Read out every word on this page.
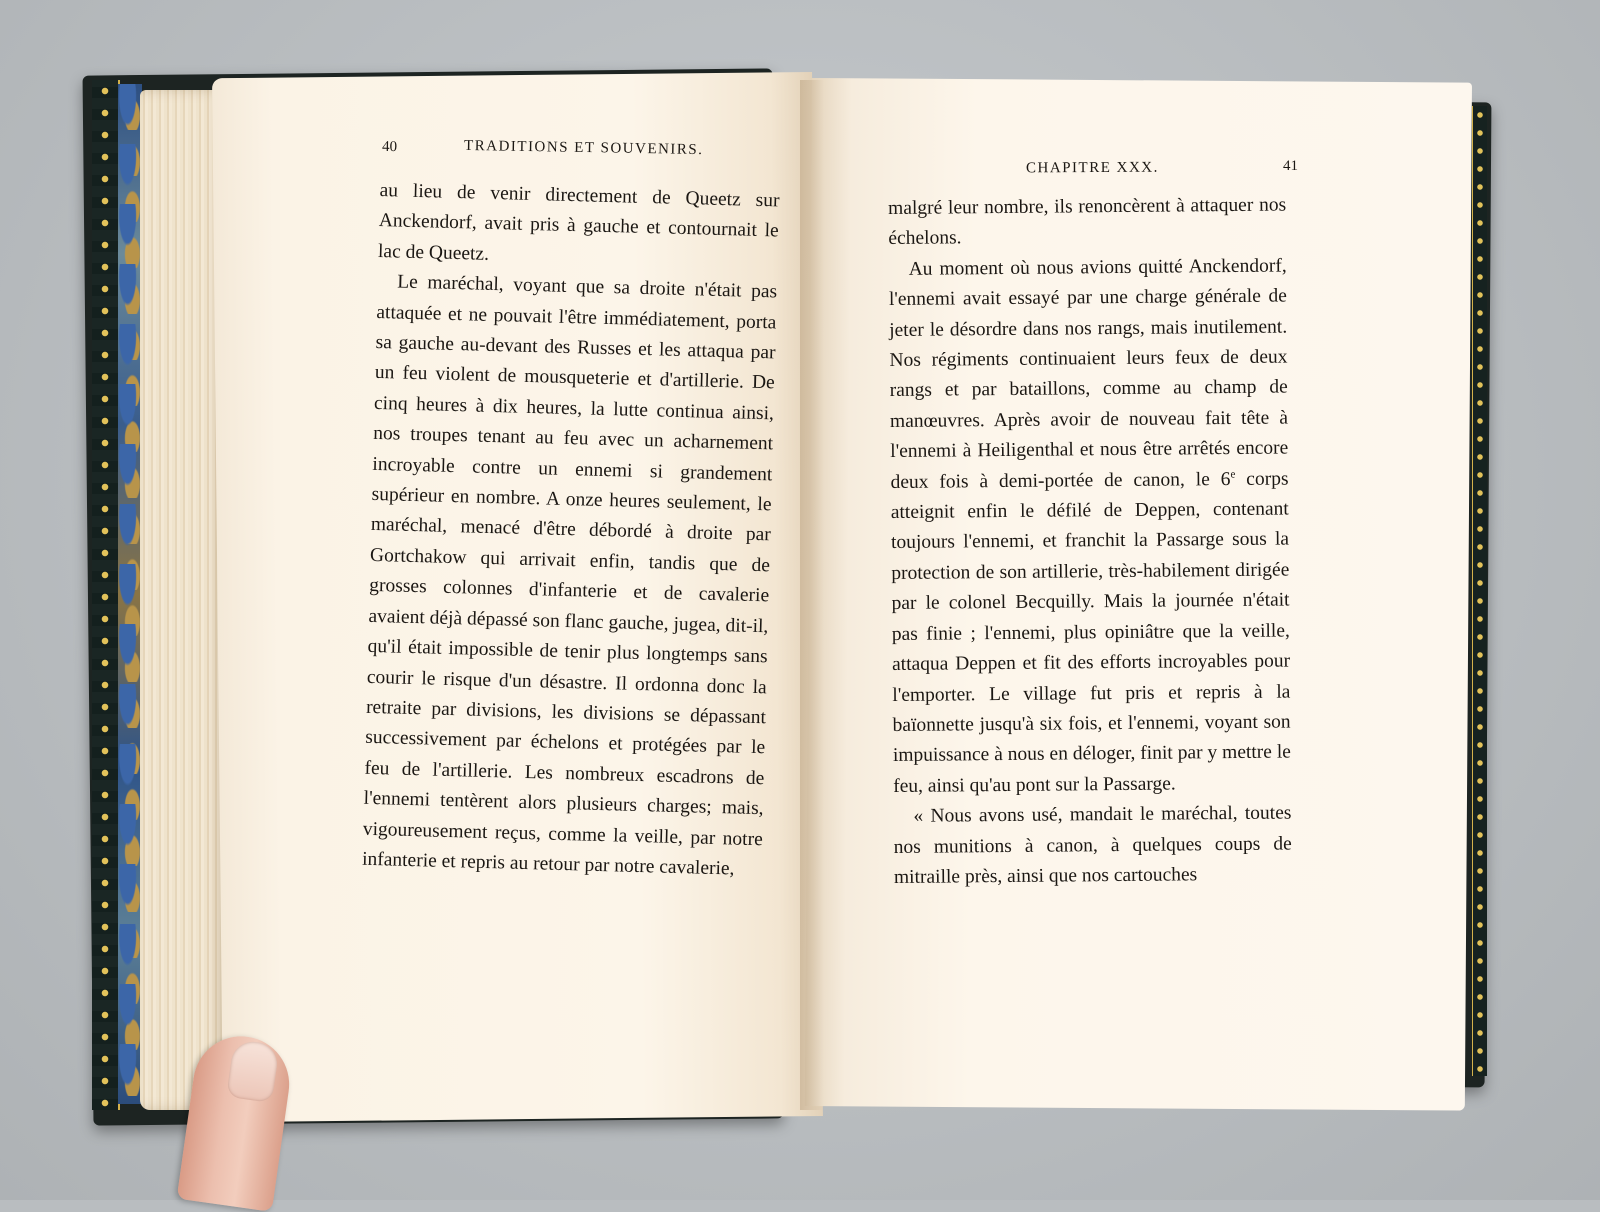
40	TRADITIONS ET SOUVENIRS.

au lieu de venir directement de Queetz sur Anckendorf, avait pris à gauche et contournait le lac de Queetz.

Le maréchal, voyant que sa droite n'était pas attaquée et ne pouvait l'être immédiatement, porta sa gauche au-devant des Russes et les attaqua par un feu violent de mousqueterie et d'artillerie. De cinq heures à dix heures, la lutte continua ainsi, nos troupes tenant au feu avec un acharnement incroyable contre un ennemi si grandement supérieur en nombre. A onze heures seulement, le maréchal, menacé d'être débordé à droite par Gortchakow qui arrivait enfin, tandis que de grosses colonnes d'infanterie et de cavalerie avaient déjà dépassé son flanc gauche, jugea, dit-il, qu'il était impossible de tenir plus longtemps sans courir le risque d'un désastre. Il ordonna donc la retraite par divisions, les divisions se dépassant successivement par échelons et protégées par le feu de l'artillerie. Les nombreux escadrons de l'ennemi tentèrent alors plusieurs charges; mais, vigoureusement reçus, comme la veille, par notre infanterie et repris au retour par notre cavalerie,

CHAPITRE XXX.	41

malgré leur nombre, ils renoncèrent à attaquer nos échelons.

Au moment où nous avions quitté Anckendorf, l'ennemi avait essayé par une charge générale de jeter le désordre dans nos rangs, mais inutilement. Nos régiments continuaient leurs feux de deux rangs et par bataillons, comme au champ de manœuvres. Après avoir de nouveau fait tête à l'ennemi à Heiligenthal et nous être arrêtés encore deux fois à demi-portée de canon, le 6e corps atteignit enfin le défilé de Deppen, contenant toujours l'ennemi, et franchit la Passarge sous la protection de son artillerie, très-habilement dirigée par le colonel Becquilly. Mais la journée n'était pas finie ; l'ennemi, plus opiniâtre que la veille, attaqua Deppen et fit des efforts incroyables pour l'emporter. Le village fut pris et repris à la baïonnette jusqu'à six fois, et l'ennemi, voyant son impuissance à nous en déloger, finit par y mettre le feu, ainsi qu'au pont sur la Passarge.

« Nous avons usé, mandait le maréchal, toutes nos munitions à canon, à quelques coups de mitraille près, ainsi que nos cartouches
